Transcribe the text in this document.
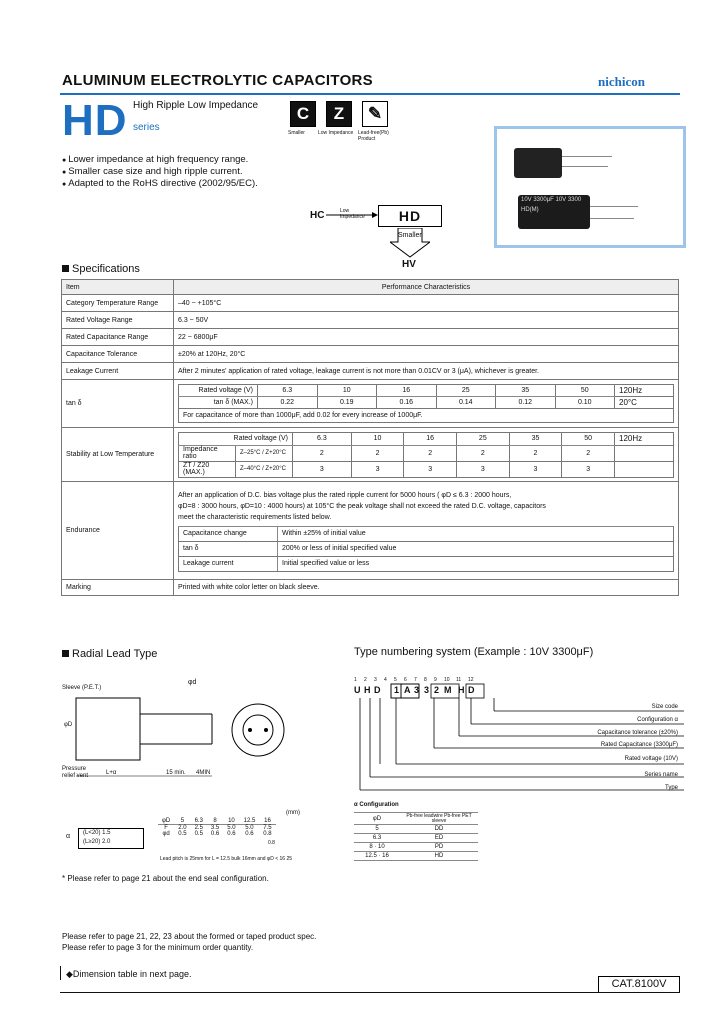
ALUMINUM ELECTROLYTIC CAPACITORS	nichicon
HD High Ripple Low Impedance
series
C	Z	✎
Smaller	Low Impedance Lead-free(Pb) Product
● Lower impedance at high frequency range.
● Smaller case size and high ripple current.
● Adapted to the RoHS directive (2002/95/EC).
10V 3300μF 10V 3300
HD(M)
HC	Low Impedance	HD
Smaller
HV
Specifications
Item	Performance Characteristics
Category Temperature Range	–40 ~ +105°C
Rated Voltage Range	6.3 ~ 50V
Rated Capacitance Range	22 ~ 6800μF
Capacitance Tolerance	±20% at 120Hz, 20°C
Leakage Current	After 2 minutes' application of rated voltage, leakage current is not more than 0.01CV or 3 (μA), whichever is greater.
tan δ	
Rated voltage (V)	6.3	10	16	25	35	50	120Hz
tan δ (MAX.)	0.22	0.19	0.16	0.14	0.12	0.10	20°C
For capacitance of more than 1000μF, add 0.02 for every increase of 1000μF.

Stability at Low Temperature	
Rated voltage (V)	6.3	10	16	25	35	50	120Hz
Impedance ratio	Z–25°C / Z+20°C	2	2	2	2	2	2	
ZT / Z20 (MAX.)	Z–40°C / Z+20°C	3	3	3	3	3	3	

Endurance	
After an application of D.C. bias voltage plus the rated ripple current for 5000 hours ( φD ≤ 6.3 : 2000 hours,
φD=8 : 3000 hours, φD=10 : 4000 hours) at 105°C the peak voltage shall not exceed the rated D.C. voltage, capacitors
meet the characteristic requirements listed below.
Capacitance change	Within ±25% of initial value
tan δ	200% or less of initial specified value
Leakage current	Initial specified value or less

Marking	Printed with white color letter on black sleeve.
Radial Lead Type
Sleeve (P.E.T.)
φd
L+α	4MIN
Pressure relief vent	15 min.
φD
(mm)
α (L<20) 1.5
(L≥20) 2.0
φD	5	6.3	8	10	12.5	16
F	2.0	2.5	3.5	5.0	5.0	7.5
φd	0.5	0.5	0.6	0.6	0.6	0.8
0.8
Lead pitch is 25mm for L = 12.5 bulk 16mm and φD < 16 25
* Please refer to page 21 about the end seal configuration.
Type numbering system (Example : 10V 3300μF)
1	2	3	4	5	6	7	8	9	10	11	12
U H D	1 A 3 3 2 M H D
Size code
Configuration α
Capacitance tolerance (±20%)
Rated Capacitance (3300μF)
Rated voltage (10V)
Series name
Type
α Configuration
φD	Pb-free leadwire Pb-free PET sleeve
5	DD
6.3	ED
8 · 10	PD
12.5 · 16	HD
Please refer to page 21, 22, 23 about the formed or taped product spec.
Please refer to page 3 for the minimum order quantity.
◆Dimension table in next page.
CAT.8100V
